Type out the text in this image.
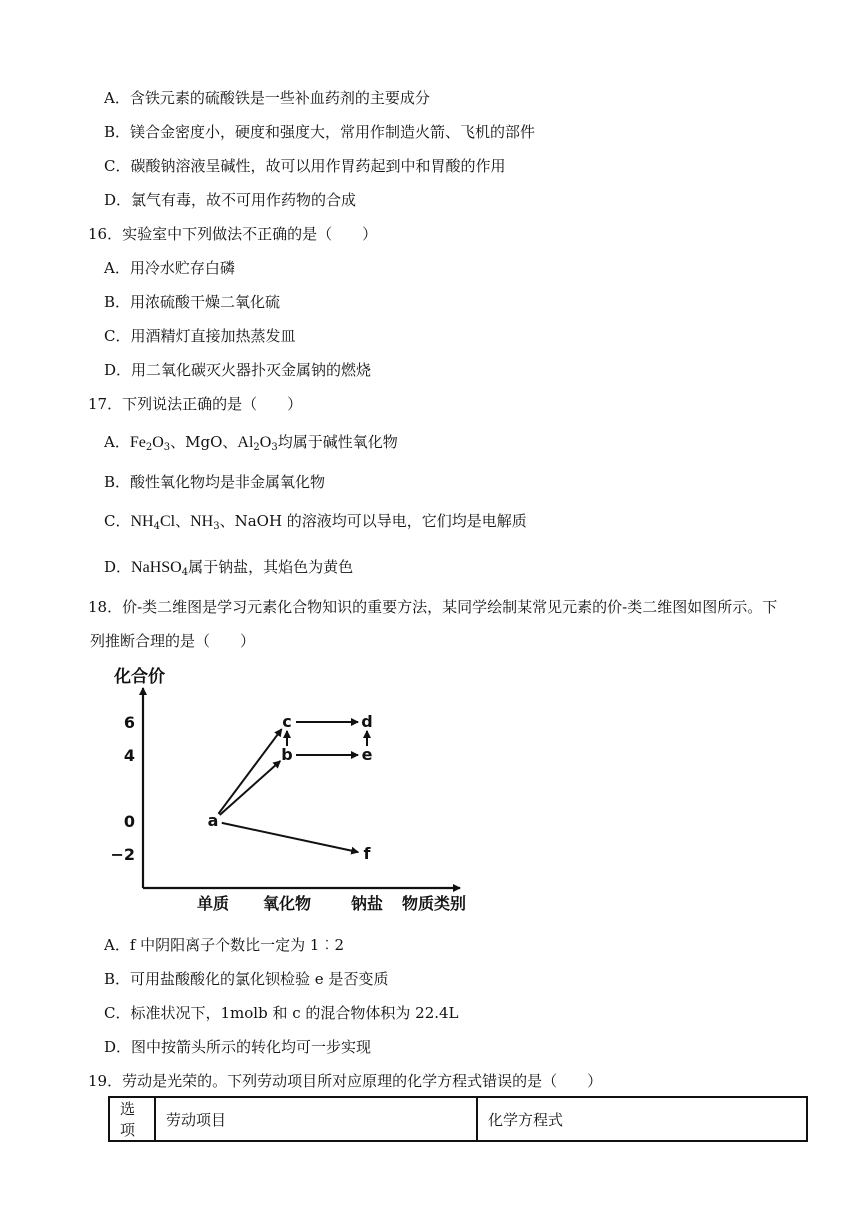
A．含铁元素的硫酸铁是一些补血药剂的主要成分
B．镁合金密度小，硬度和强度大，常用作制造火箭、飞机的部件
C．碳酸钠溶液呈碱性，故可以用作胃药起到中和胃酸的作用
D．氯气有毒，故不可用作药物的合成
16．实验室中下列做法不正确的是（　　）
A．用冷水贮存白磷
B．用浓硫酸干燥二氧化硫
C．用酒精灯直接加热蒸发皿
D．用二氧化碳灭火器扑灭金属钠的燃烧
17．下列说法正确的是（　　）
A．$Fe_2O_3$、MgO、$Al_2O_3$均属于碱性氧化物
B．酸性氧化物均是非金属氧化物
C．$NH_4Cl$、$NH_3$、NaOH 的溶液均可以导电，它们均是电解质
D．NaHSO$_4$属于钠盐，其焰色为黄色
18．价-类二维图是学习元素化合物知识的重要方法，某同学绘制某常见元素的价-类二维图如图所示。下
列推断合理的是（　　）
化合价
物质类别
6
4
0
−2
单质 氧化物 钠盐
a
b
c	d
e
f
A．f 中阴阳离子个数比一定为 1︰2
B．可用盐酸酸化的氯化钡检验 e 是否变质
C．标准状况下，1molb 和 c 的混合物体积为 22.4L
D．图中按箭头所示的转化均可一步实现
19．劳动是光荣的。下列劳动项目所对应原理的化学方程式错误的是（　　）
选项	劳动项目	化学方程式
